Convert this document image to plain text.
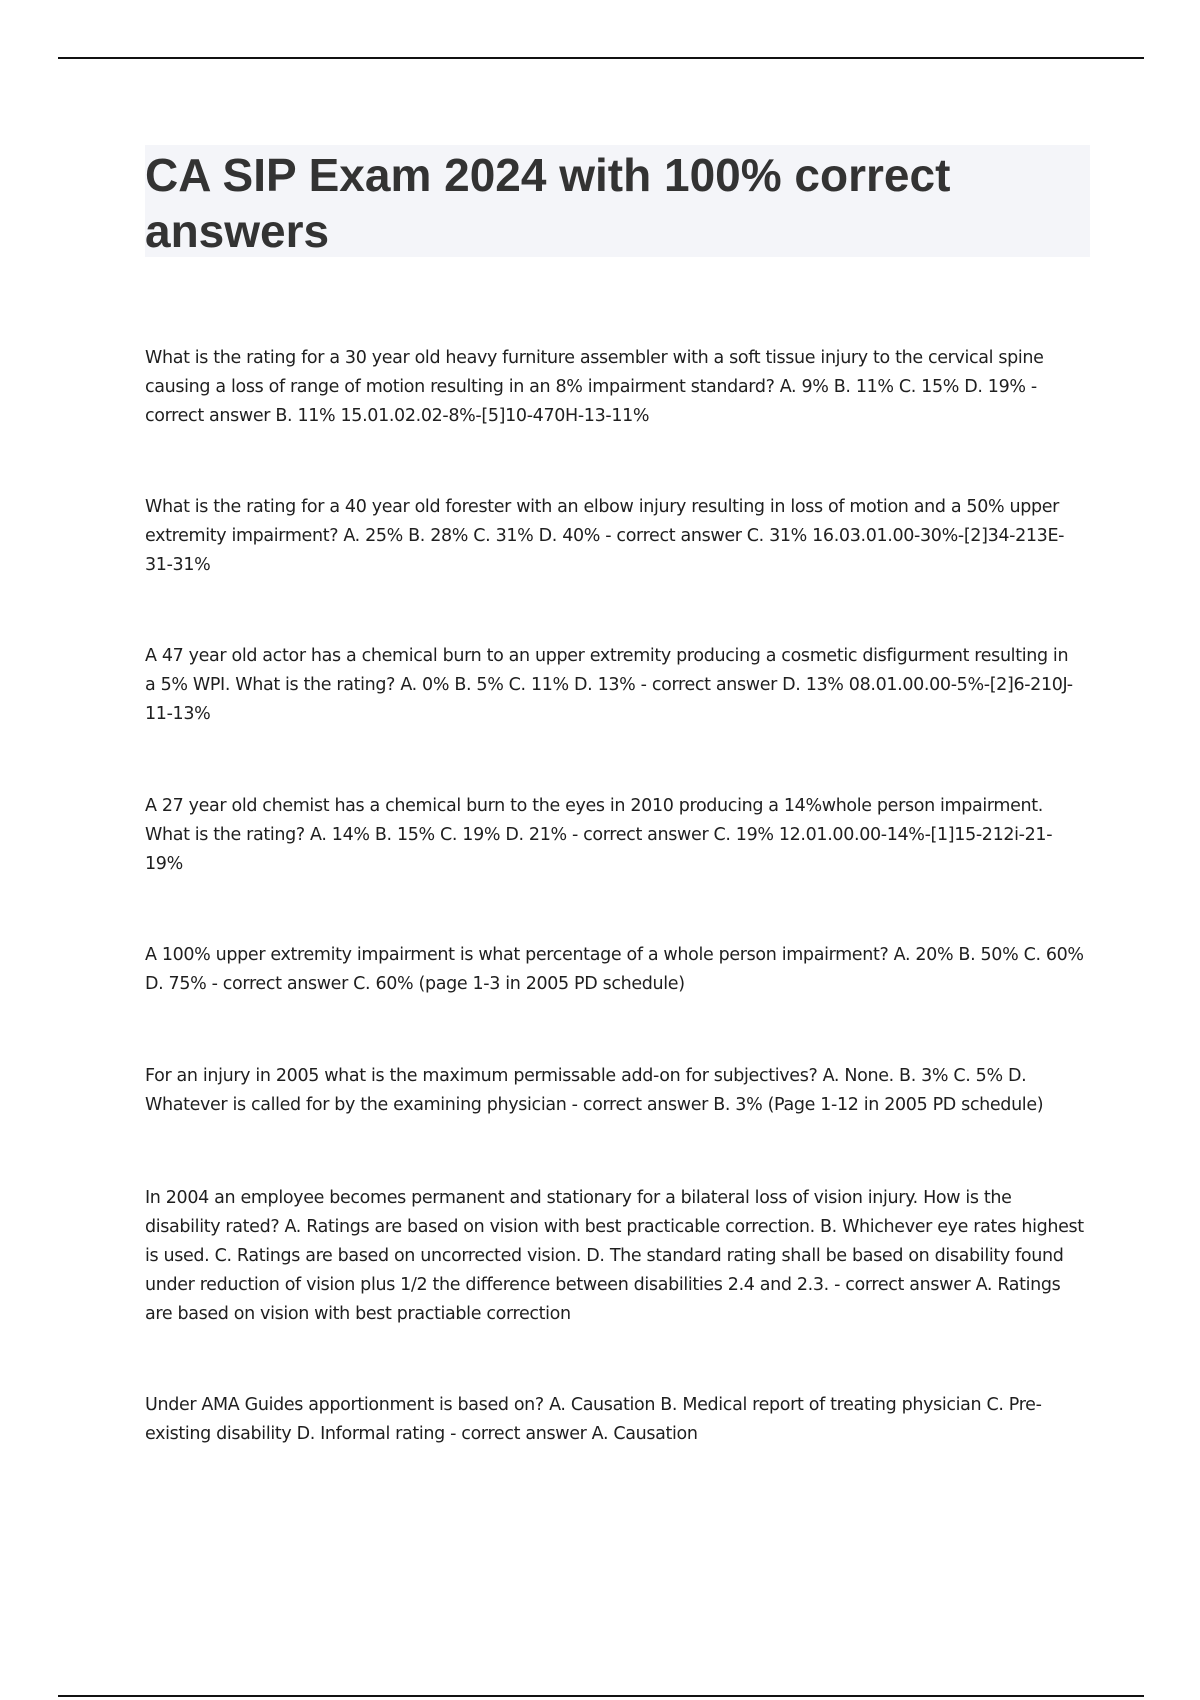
CA SIP Exam 2024 with 100% correct answers

What is the rating for a 30 year old heavy furniture assembler with a soft tissue injury to the cervical spine causing a loss of range of motion resulting in an 8% impairment standard? A. 9% B. 11% C. 15% D. 19% - correct answer B. 11% 15.01.02.02-8%-[5]10-470H-13-11%

What is the rating for a 40 year old forester with an elbow injury resulting in loss of motion and a 50% upper extremity impairment? A. 25% B. 28% C. 31% D. 40% - correct answer C. 31% 16.03.01.00-30%-[2]34-213E-31-31%

A 47 year old actor has a chemical burn to an upper extremity producing a cosmetic disfigurment resulting in a 5% WPI. What is the rating? A. 0% B. 5% C. 11% D. 13% - correct answer D. 13% 08.01.00.00-5%-[2]6-210J-11-13%

A 27 year old chemist has a chemical burn to the eyes in 2010 producing a 14%whole person impairment. What is the rating? A. 14% B. 15% C. 19% D. 21% - correct answer C. 19% 12.01.00.00-14%-[1]15-212i-21-19%

A 100% upper extremity impairment is what percentage of a whole person impairment? A. 20% B. 50% C. 60% D. 75% - correct answer C. 60% (page 1-3 in 2005 PD schedule)

For an injury in 2005 what is the maximum permissable add-on for subjectives? A. None. B. 3% C. 5% D. Whatever is called for by the examining physician - correct answer B. 3% (Page 1-12 in 2005 PD schedule)

In 2004 an employee becomes permanent and stationary for a bilateral loss of vision injury. How is the disability rated? A. Ratings are based on vision with best practicable correction. B. Whichever eye rates highest is used. C. Ratings are based on uncorrected vision. D. The standard rating shall be based on disability found under reduction of vision plus 1/2 the difference between disabilities 2.4 and 2.3. - correct answer A. Ratings are based on vision with best practiable correction

Under AMA Guides apportionment is based on? A. Causation B. Medical report of treating physician C. Pre-existing disability D. Informal rating - correct answer A. Causation
